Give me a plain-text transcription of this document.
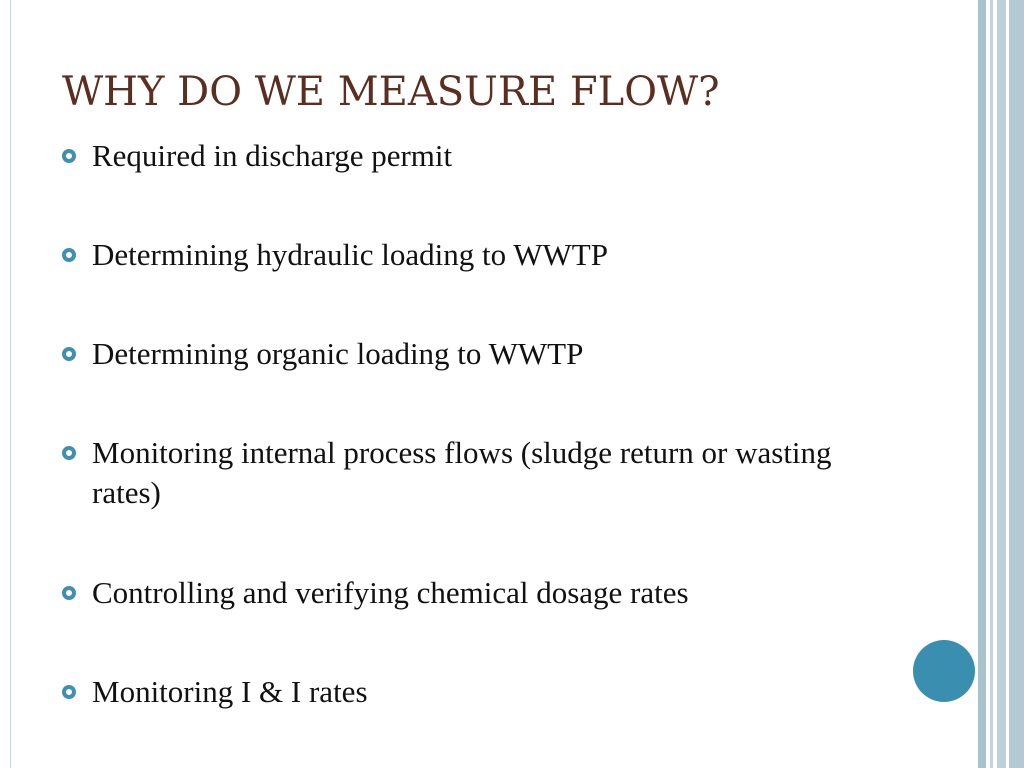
WHY DO WE MEASURE FLOW?
Required in discharge permit
Determining hydraulic loading to WWTP
Determining organic loading to WWTP
Monitoring internal process flows (sludge return or wasting rates)
Controlling and verifying chemical dosage rates
Monitoring I & I rates
